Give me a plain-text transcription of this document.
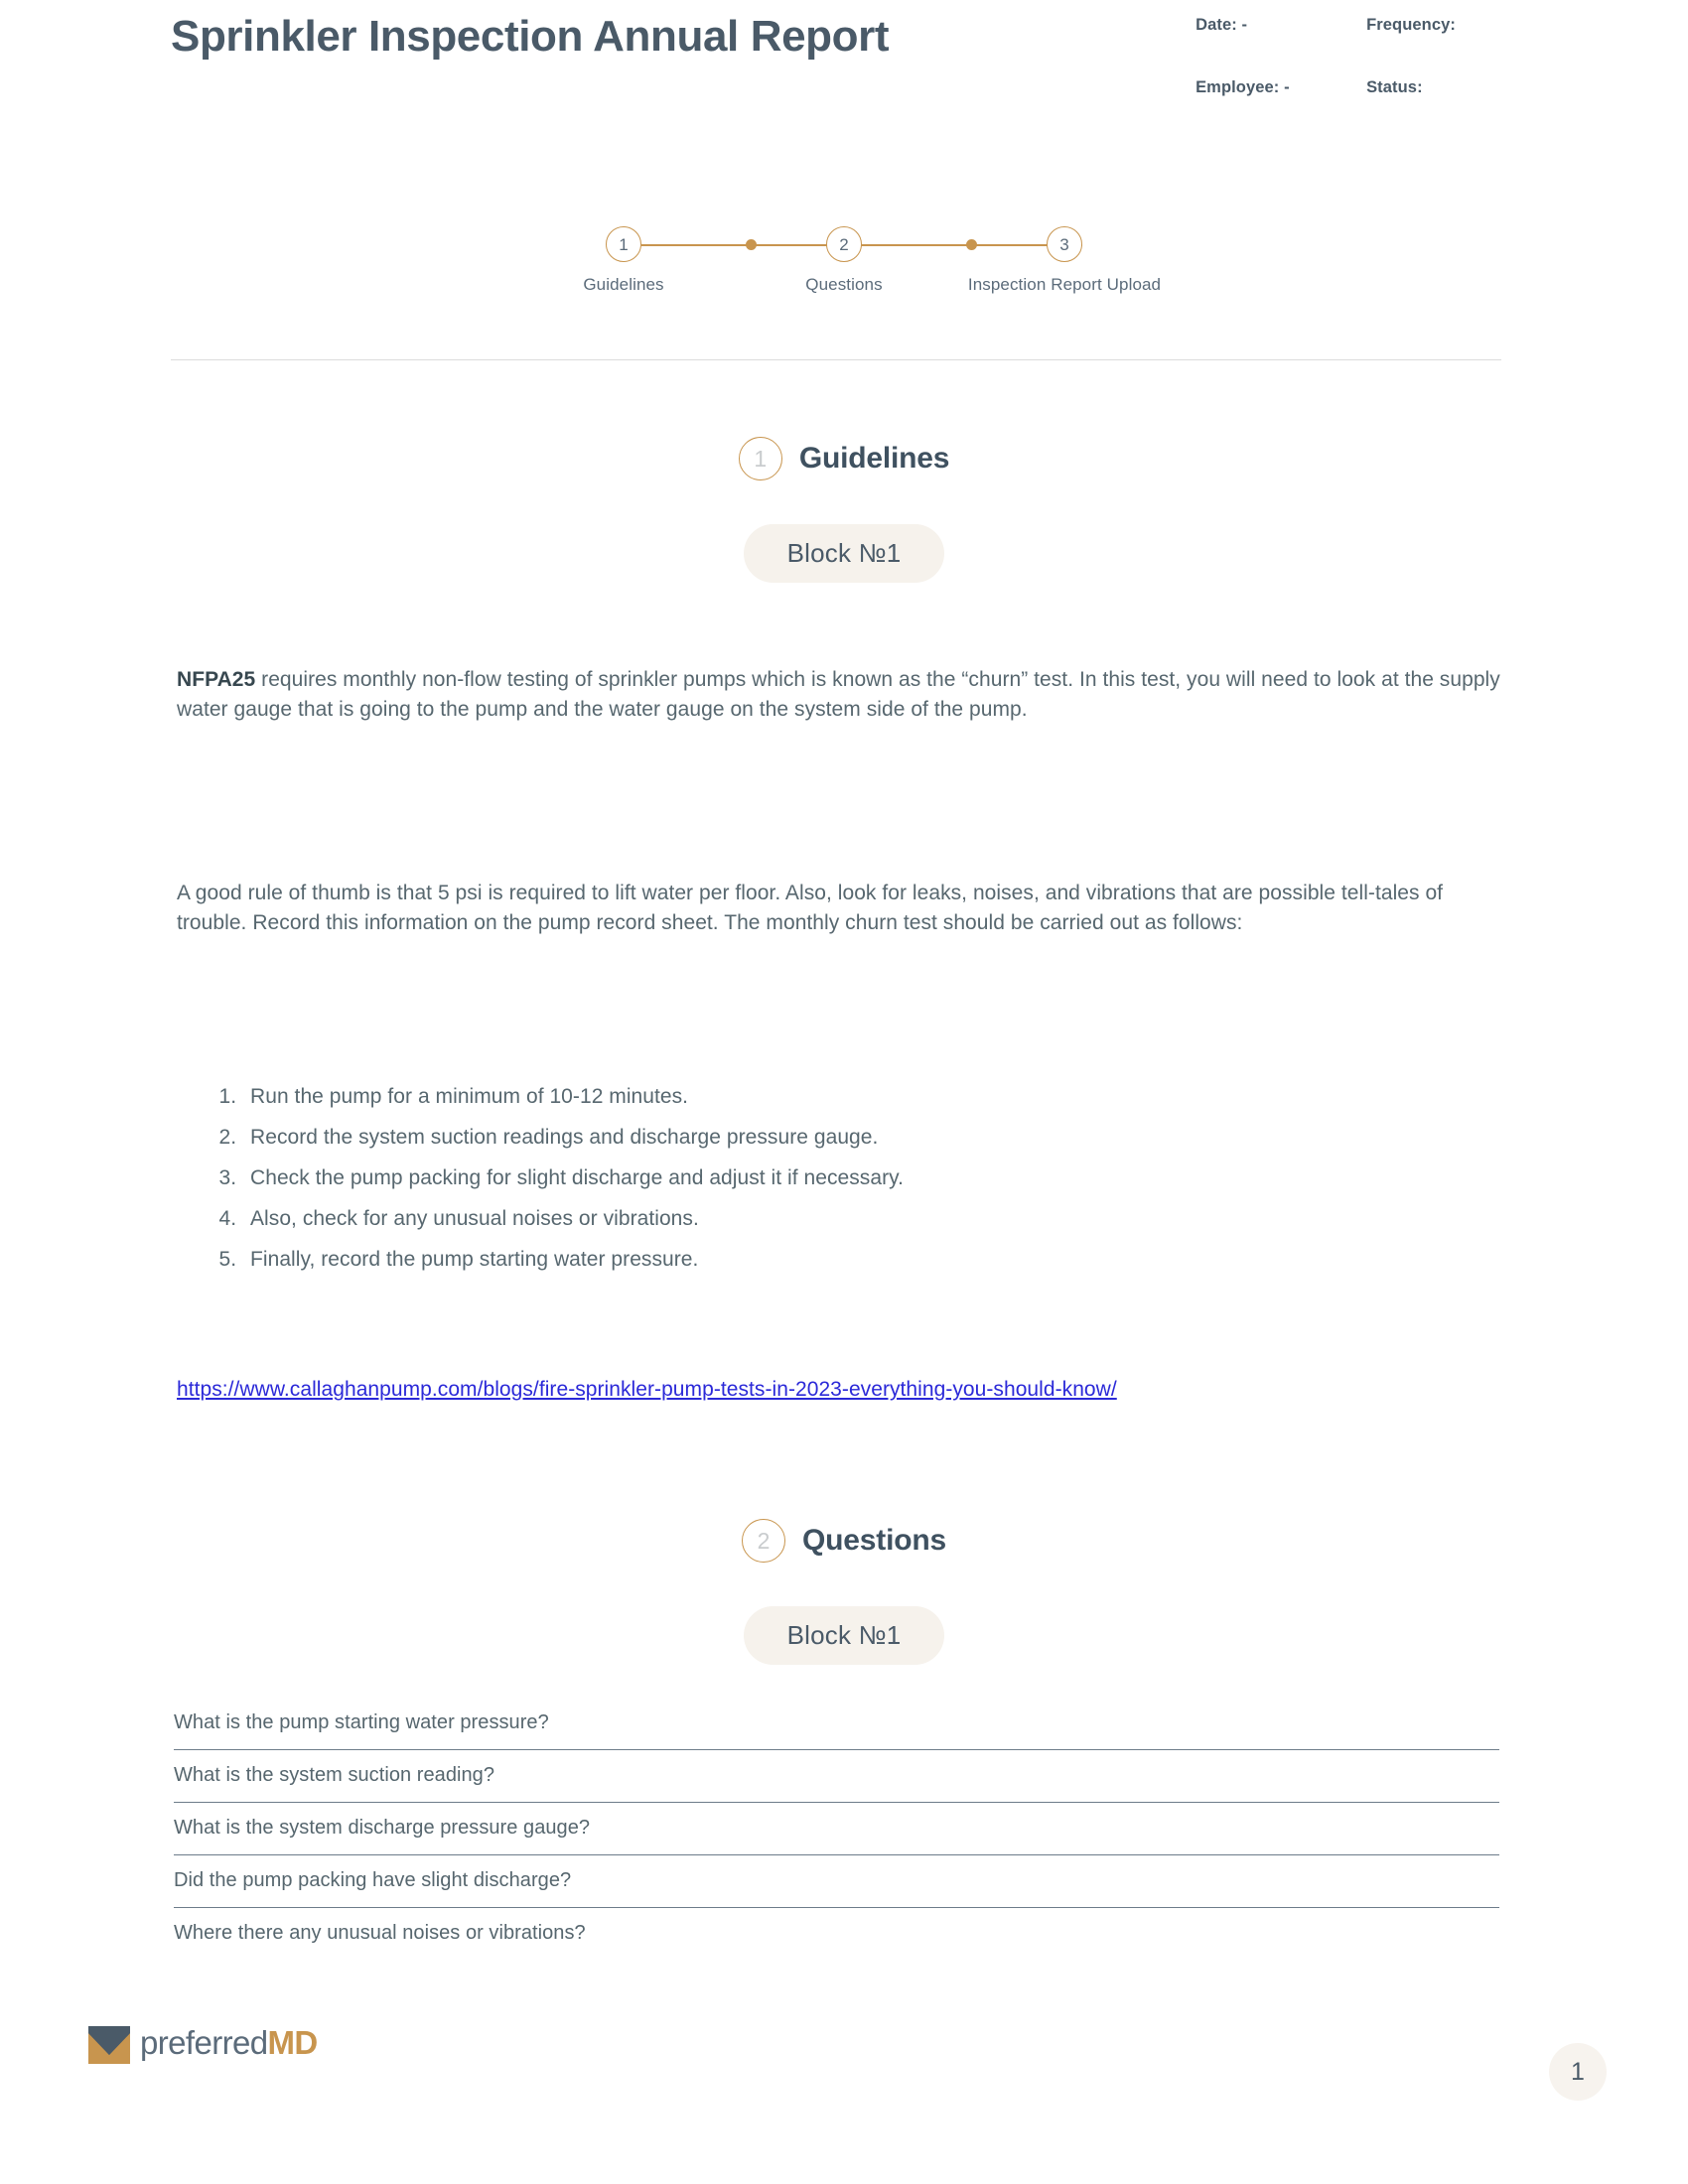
Sprinkler Inspection Annual Report	Date: -	Frequency:
Employee: -	Status:
1
Guidelines
2
Questions
3
Inspection Report Upload
1	Guidelines
Block №1
NFPA25 requires monthly non-flow testing of sprinkler pumps which is known as the “churn” test. In this test, you will need to look at the supply water gauge that is going to the pump and the water gauge on the system side of the pump.
A good rule of thumb is that 5 psi is required to lift water per floor. Also, look for leaks, noises, and vibrations that are possible tell-tales of trouble. Record this information on the pump record sheet. The monthly churn test should be carried out as follows:
1. Run the pump for a minimum of 10-12 minutes.
2. Record the system suction readings and discharge pressure gauge.
3. Check the pump packing for slight discharge and adjust it if necessary.
4. Also, check for any unusual noises or vibrations.
5. Finally, record the pump starting water pressure.
https://www.callaghanpump.com/blogs/fire-sprinkler-pump-tests-in-2023-everything-you-should-know/
2	Questions
Block №1
What is the pump starting water pressure?
What is the system suction reading?
What is the system discharge pressure gauge?
Did the pump packing have slight discharge?
Where there any unusual noises or vibrations?
preferredMD
1
